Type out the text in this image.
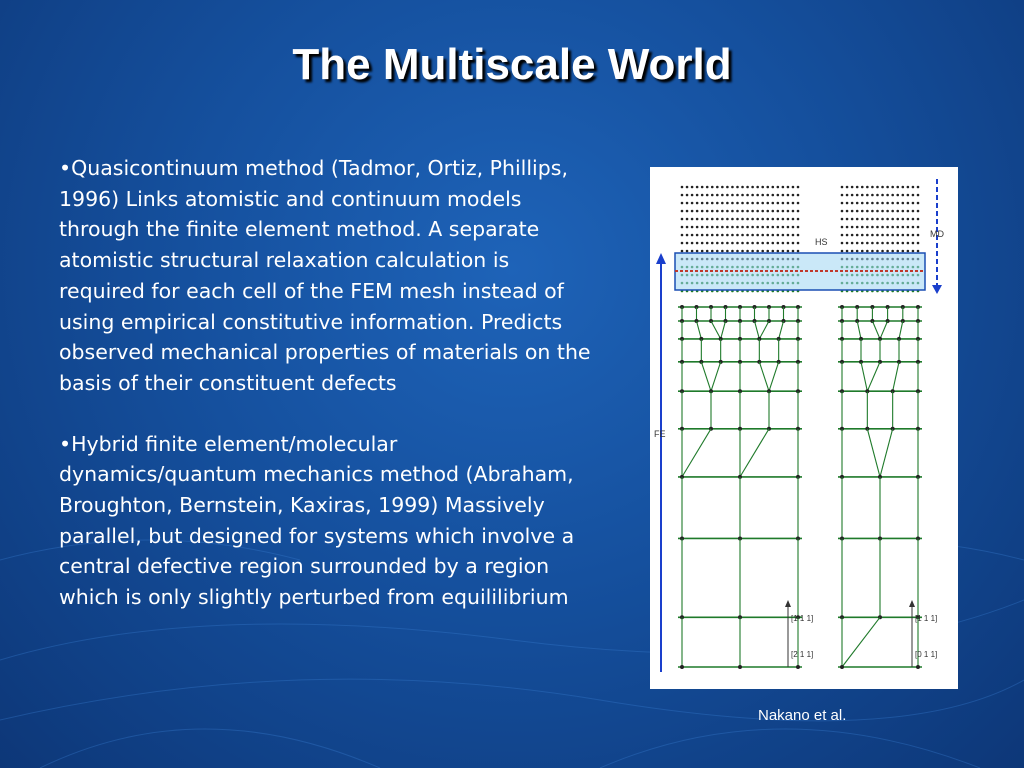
The Multiscale World

•Quasicontinuum method (Tadmor, Ortiz, Phillips, 1996) Links atomistic and continuum models through the finite element method. A separate atomistic structural relaxation calculation is required for each cell of the FEM mesh instead of using empirical constitutive information. Predicts observed mechanical properties of materials on the basis of their constituent defects

•Hybrid finite element/molecular dynamics/quantum mechanics method (Abraham, Broughton, Bernstein, Kaxiras, 1999) Massively parallel, but designed for systems which involve a central defective region surrounded by a region which is only slightly perturbed from equililibrium

HS
MD
FE
[1 1 1]
[2 1 1]
[1 1 1]
[0 1 1]
Nakano et al.
